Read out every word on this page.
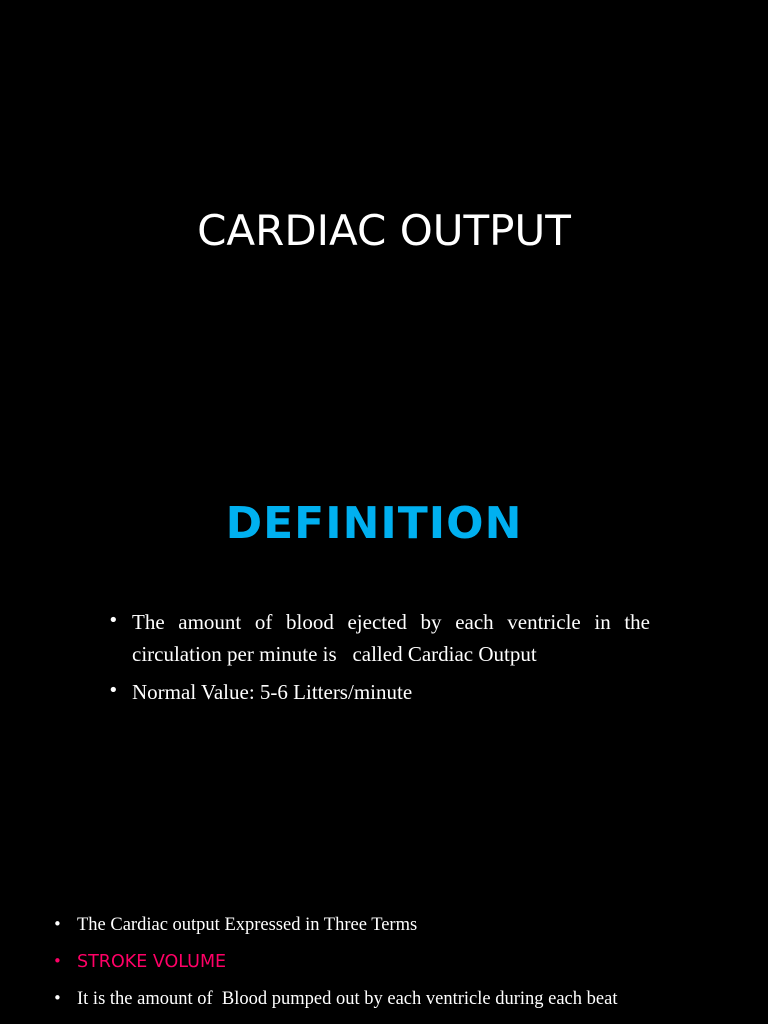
CARDIAC OUTPUT
DEFINITION
• The amount of blood ejected by each ventricle in the circulation per minute is   called Cardiac Output
• Normal Value: 5-6 Litters/minute
• The Cardiac output Expressed in Three Terms
• STROKE VOLUME
• It is the amount of  Blood pumped out by each ventricle during each beat
